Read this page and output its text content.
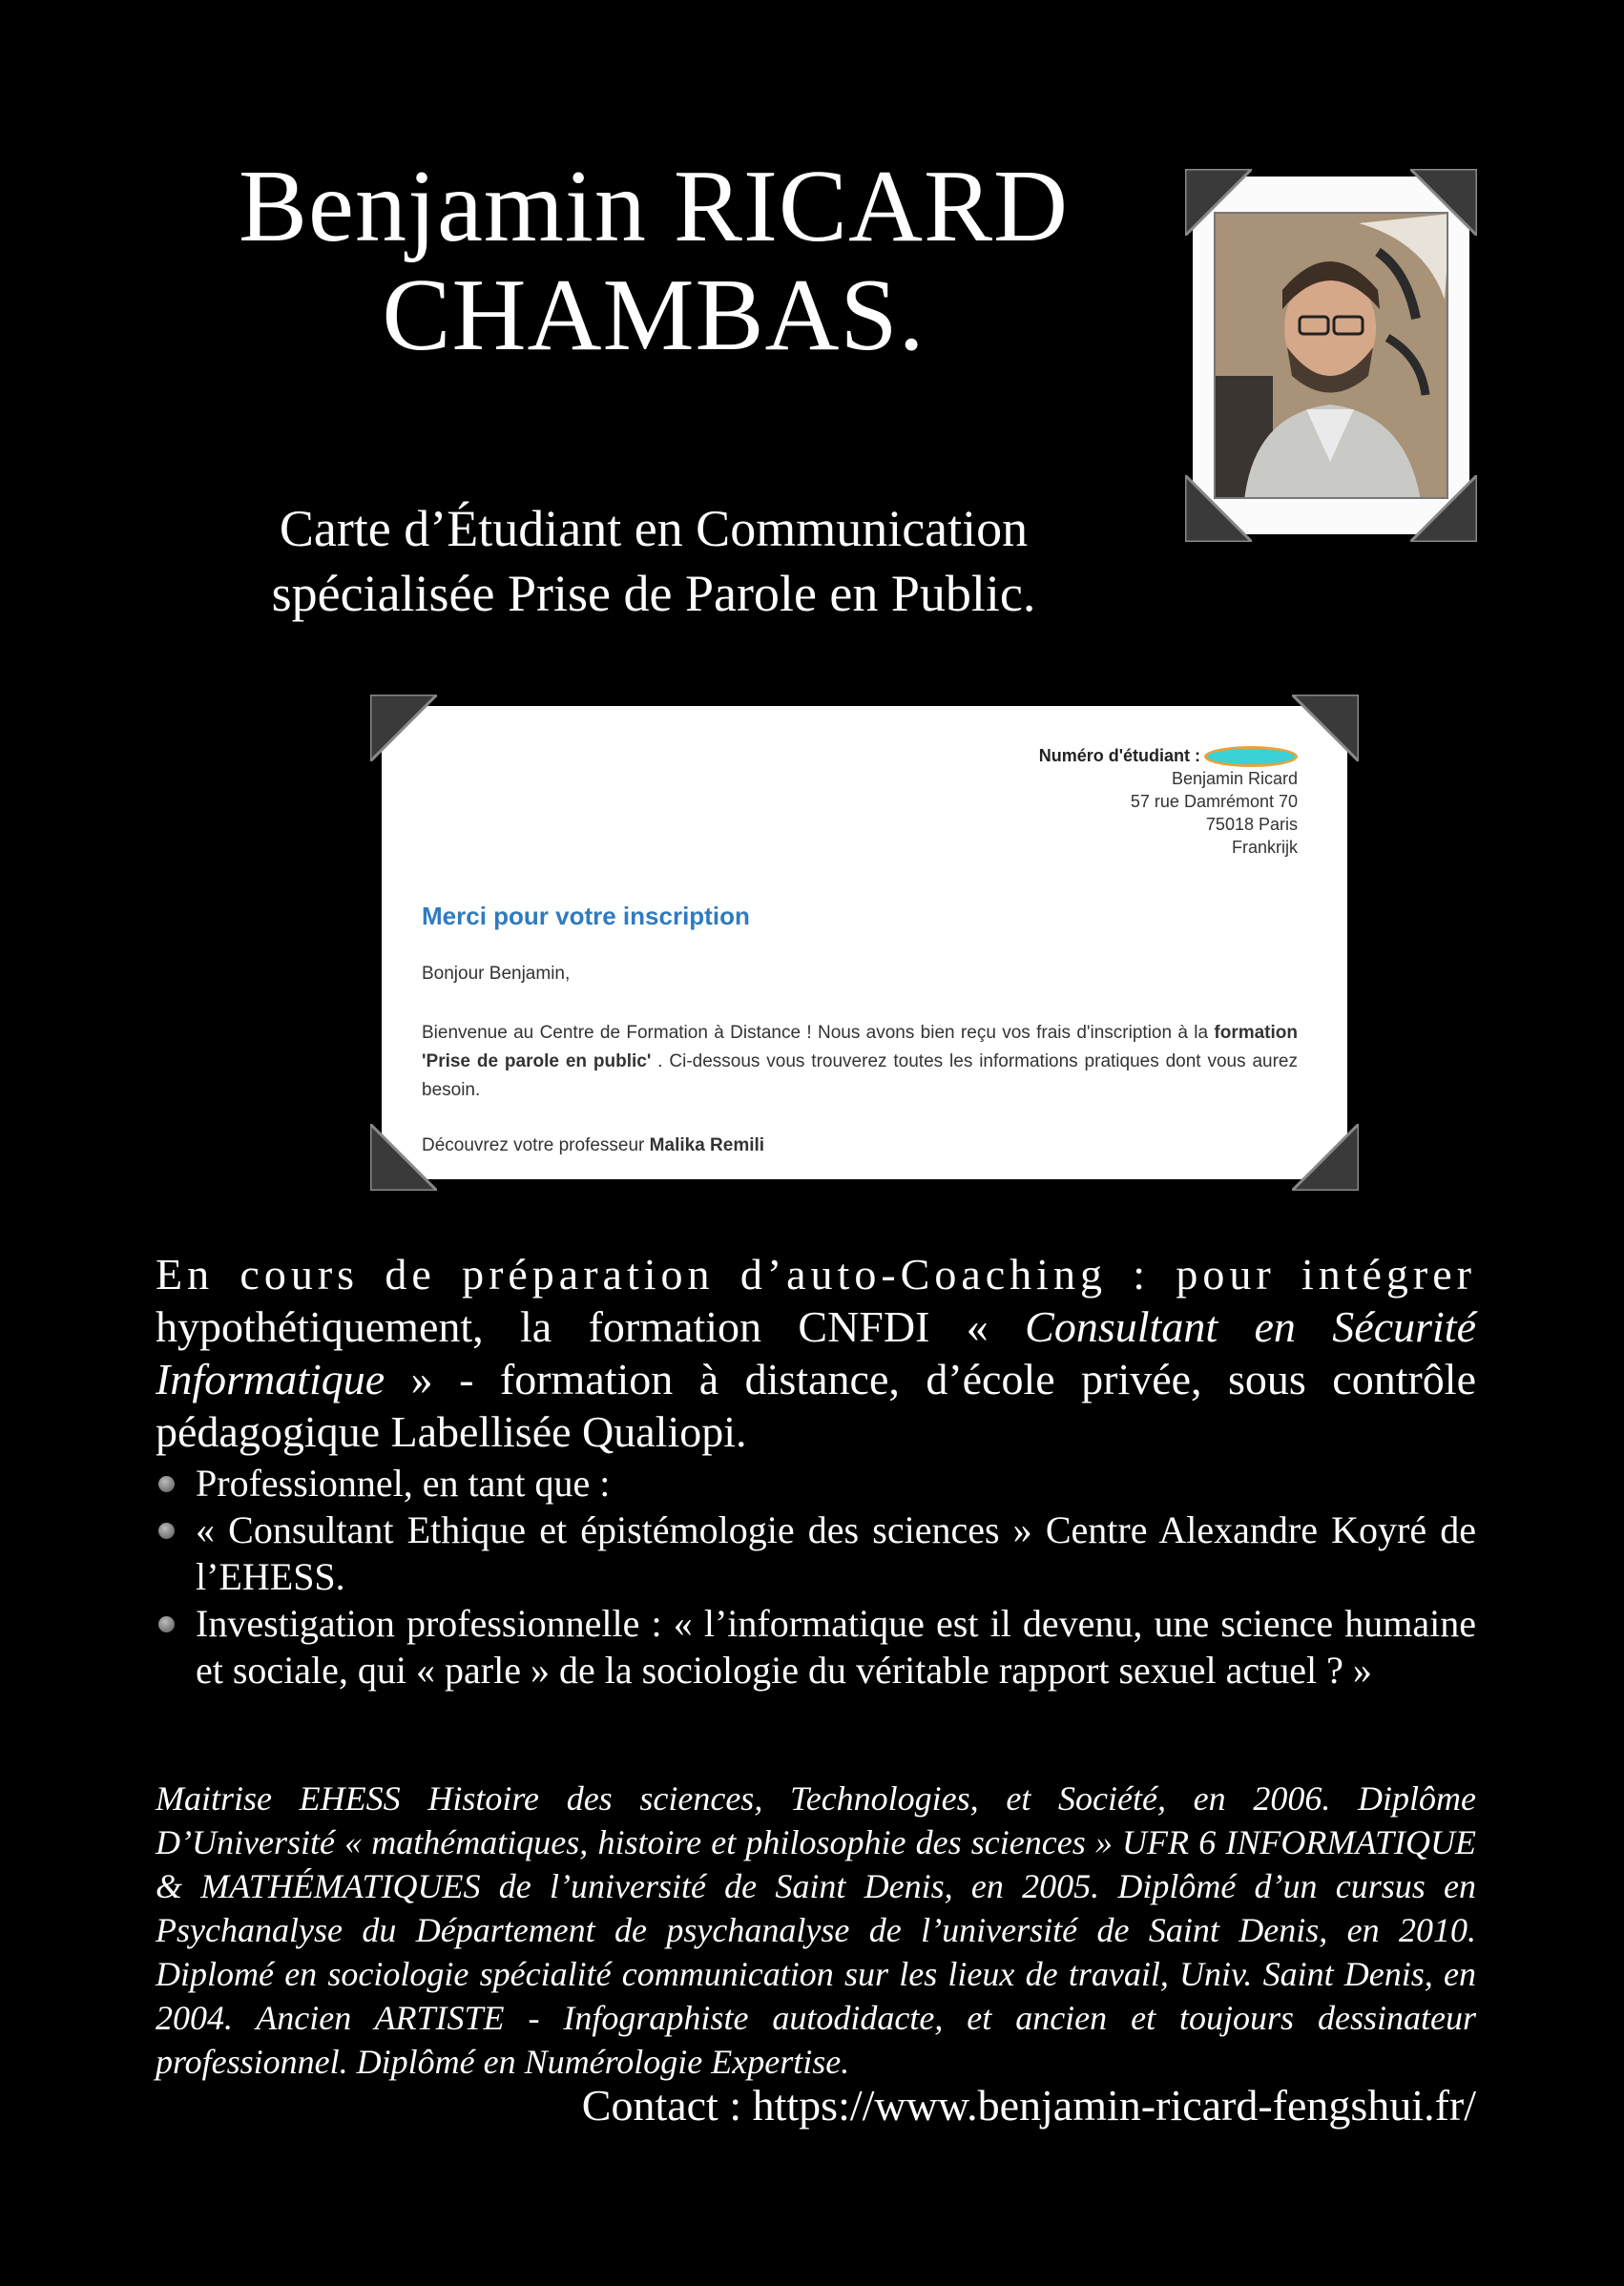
Benjamin RICARD
CHAMBAS.
Carte d’Étudiant en Communication
spécialisée Prise de Parole en Public.
Numéro d'étudiant :
Benjamin Ricard
57 rue Damrémont 70
75018 Paris
Frankrijk
Merci pour votre inscription
Bonjour Benjamin,
Bienvenue au Centre de Formation à Distance ! Nous avons bien reçu vos frais d'inscription à la formation 'Prise de parole en public' . Ci-dessous vous trouverez toutes les informations pratiques dont vous aurez besoin.
Découvrez votre professeur Malika Remili
En cours de préparation d’auto-Coaching : pour intégrer hypothétiquement, la formation CNFDI « Consultant en Sécurité Informatique » - formation à distance, d’école privée, sous contrôle pédagogique Labellisée Qualiopi.
Professionnel, en tant que :
« Consultant Ethique et épistémologie des sciences » Centre Alexandre Koyré de l’EHESS.
Investigation professionnelle : « l’informatique est il devenu, une science humaine et sociale, qui « parle » de la sociologie du véritable rapport sexuel actuel ? »
Maitrise EHESS Histoire des sciences, Technologies, et Société, en 2006. Diplôme D’Université « mathématiques, histoire et philosophie des sciences » UFR 6 INFORMATIQUE & MATHÉMATIQUES de l’université de Saint Denis, en 2005. Diplômé d’un cursus en Psychanalyse du Département de psychanalyse de l’université de Saint Denis, en 2010. Diplomé en sociologie spécialité communication sur les lieux de travail, Univ. Saint Denis, en 2004. Ancien ARTISTE - Infographiste autodidacte, et ancien et toujours dessinateur professionnel. Diplômé en Numérologie Expertise.
Contact : https://www.benjamin-ricard-fengshui.fr/
